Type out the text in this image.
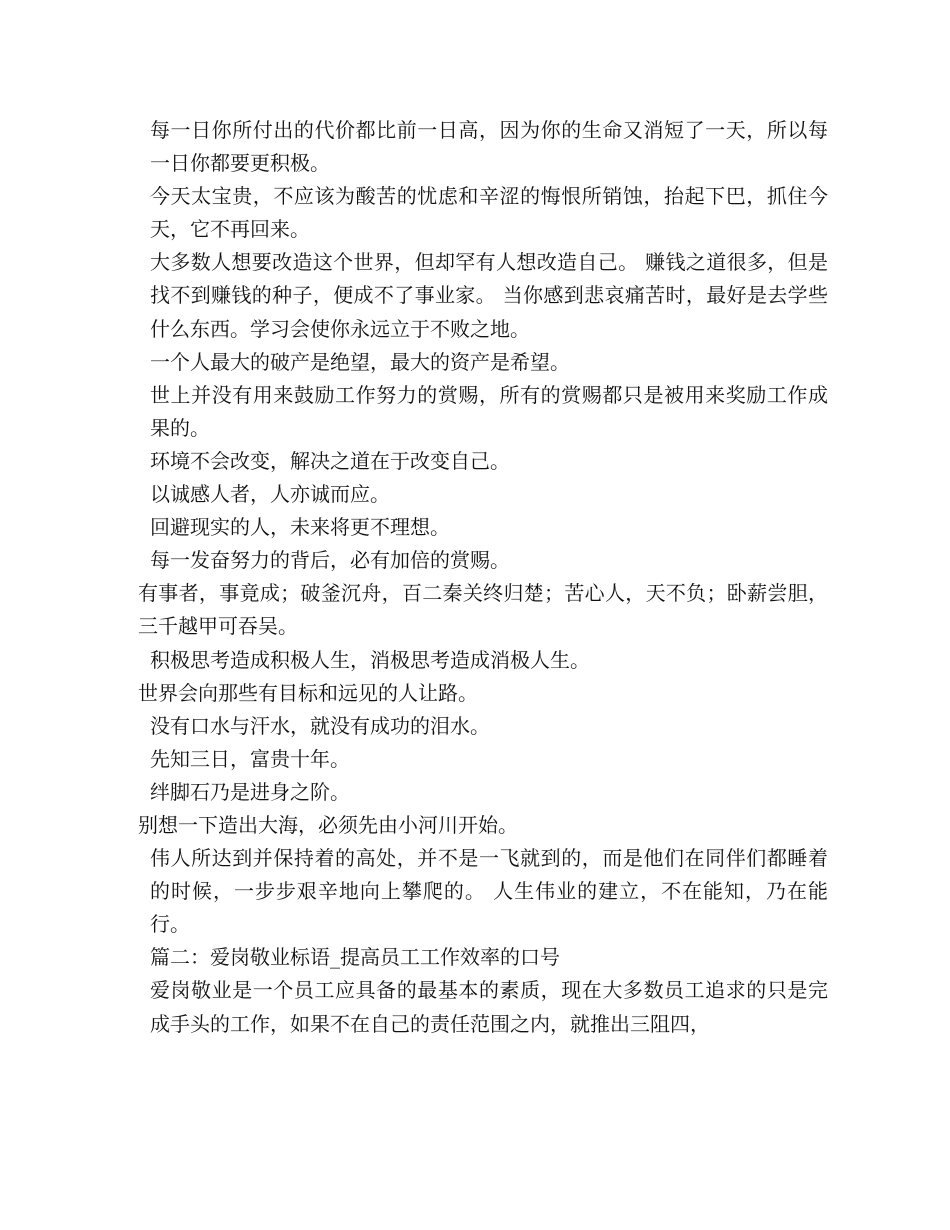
每一日你所付出的代价都比前一日高，因为你的生命又消短了一天，所以每一日你都要更积极。

今天太宝贵，不应该为酸苦的忧虑和辛涩的悔恨所销蚀，抬起下巴，抓住今天，它不再回来。

大多数人想要改造这个世界，但却罕有人想改造自己。 赚钱之道很多，但是找不到赚钱的种子，便成不了事业家。 当你感到悲哀痛苦时，最好是去学些什么东西。学习会使你永远立于不败之地。

一个人最大的破产是绝望，最大的资产是希望。

世上并没有用来鼓励工作努力的赏赐，所有的赏赐都只是被用来奖励工作成果的。

环境不会改变，解决之道在于改变自己。

以诚感人者，人亦诚而应。

回避现实的人，未来将更不理想。

每一发奋努力的背后，必有加倍的赏赐。

有事者，事竟成；破釜沉舟，百二秦关终归楚；苦心人，天不负；卧薪尝胆，三千越甲可吞吴。

积极思考造成积极人生，消极思考造成消极人生。

世界会向那些有目标和远见的人让路。

没有口水与汗水，就没有成功的泪水。

先知三日，富贵十年。

绊脚石乃是进身之阶。

别想一下造出大海，必须先由小河川开始。

伟人所达到并保持着的高处，并不是一飞就到的，而是他们在同伴们都睡着的时候，一步步艰辛地向上攀爬的。 人生伟业的建立，不在能知，乃在能行。

篇二：爱岗敬业标语_提高员工工作效率的口号

爱岗敬业是一个员工应具备的最基本的素质，现在大多数员工追求的只是完成手头的工作，如果不在自己的责任范围之内，就推出三阻四，
